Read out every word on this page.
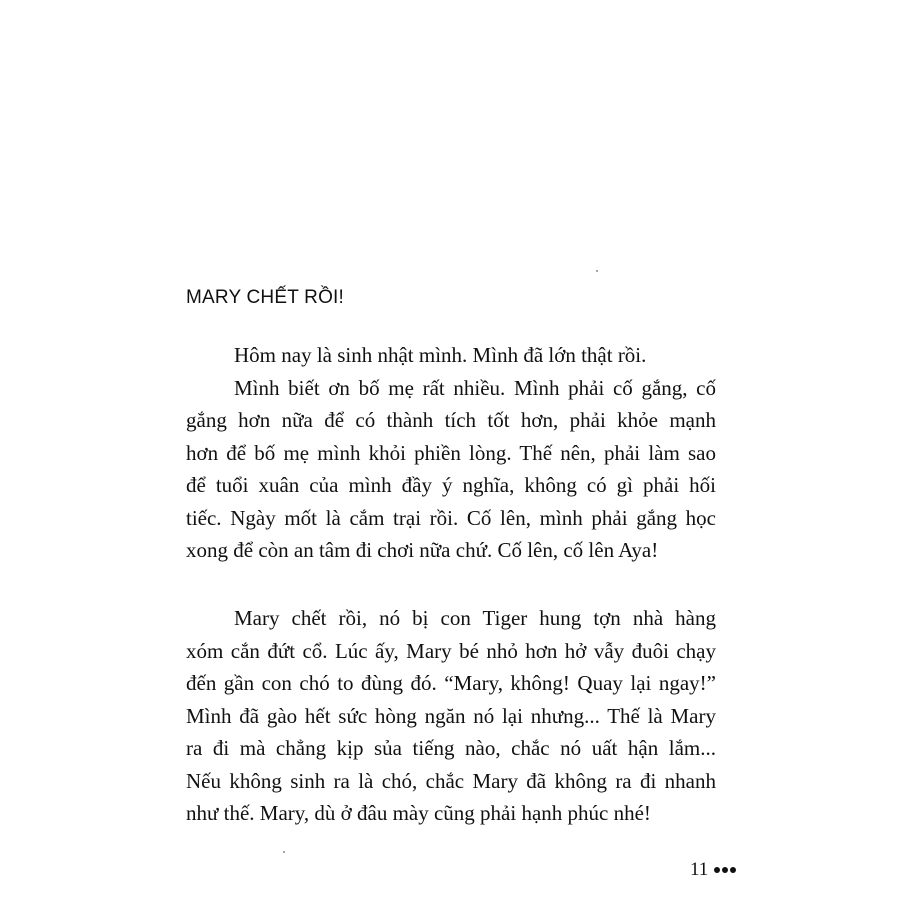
MARY CHẾT RỒI!
Hôm nay là sinh nhật mình. Mình đã lớn thật rồi.
Mình biết ơn bố mẹ rất nhiều. Mình phải cố gắng, cố
gắng hơn nữa để có thành tích tốt hơn, phải khỏe mạnh
hơn để bố mẹ mình khỏi phiền lòng. Thế nên, phải làm sao
để tuổi xuân của mình đầy ý nghĩa, không có gì phải hối
tiếc. Ngày mốt là cắm trại rồi. Cố lên, mình phải gắng học
xong để còn an tâm đi chơi nữa chứ. Cố lên, cố lên Aya!
Mary chết rồi, nó bị con Tiger hung tợn nhà hàng
xóm cắn đứt cổ. Lúc ấy, Mary bé nhỏ hơn hở vẫy đuôi chạy
đến gần con chó to đùng đó. “Mary, không! Quay lại ngay!”
Mình đã gào hết sức hòng ngăn nó lại nhưng... Thế là Mary
ra đi mà chẳng kịp sủa tiếng nào, chắc nó uất hận lắm...
Nếu không sinh ra là chó, chắc Mary đã không ra đi nhanh
như thế. Mary, dù ở đâu mày cũng phải hạnh phúc nhé!
11
